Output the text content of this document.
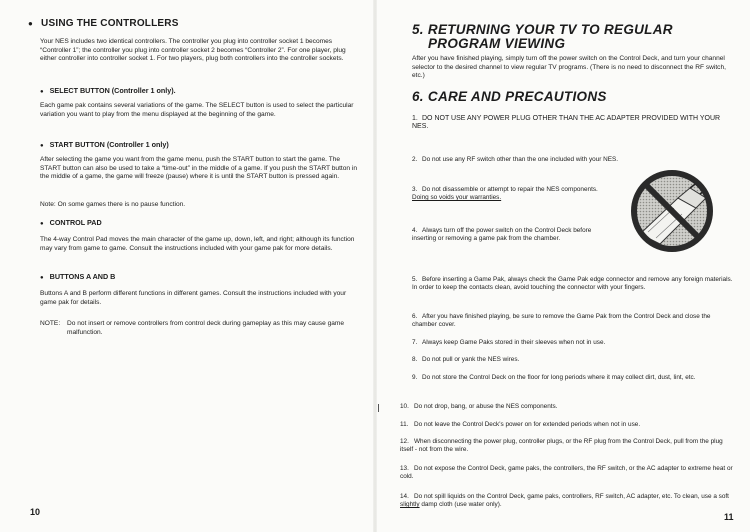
● USING THE CONTROLLERS

Your NES includes two identical controllers. The controller you plug into controller socket 1 becomes “Controller 1”; the controller you plug into controller socket 2 becomes “Controller 2”. For one player, plug either controller into controller socket 1. For two players, plug both controllers into the controller sockets.

● SELECT BUTTON (Controller 1 only).

Each game pak contains several variations of the game. The SELECT button is used to select the particular variation you want to play from the menu displayed at the beginning of the game.

● START BUTTON (Controller 1 only)

After selecting the game you want from the game menu, push the START button to start the game. The START button can also be used to take a “time-out” in the middle of a game. If you push the START button in the middle of a game, the game will freeze (pause) where it is until the START button is pressed again.

Note: On some games there is no pause function.

● CONTROL PAD

The 4-way Control Pad moves the main character of the game up, down, left, and right; although its function may vary from game to game. Consult the instructions included with your game pak for more details.

● BUTTONS A AND B

Buttons A and B perform different functions in different games. Consult the instructions included with your game pak for details.

NOTE:	Do not insert or remove controllers from control deck during gameplay as this may cause game malfunction.
10
5. RETURNING YOUR TV TO REGULAR
PROGRAM VIEWING

After you have finished playing, simply turn off the power switch on the Control Deck, and turn your channel selector to the desired channel to view regular TV programs. (There is no need to disconnect the RF switch, etc.)

6. CARE AND PRECAUTIONS
1. DO NOT USE ANY POWER PLUG OTHER THAN THE AC ADAPTER PROVIDED WITH YOUR NES.
2. Do not use any RF switch other than the one included with your NES.
3. Do not disassemble or attempt to repair the NES components. Doing so voids your warranties.
4. Always turn off the power switch on the Control Deck before inserting or removing a game pak from the chamber.
5. Before inserting a Game Pak, always check the Game Pak edge connector and remove any foreign materials. In order to keep the contacts clean, avoid touching the connector with your fingers.
6. After you have finished playing, be sure to remove the Game Pak from the Control Deck and close the chamber cover.
7. Always keep Game Paks stored in their sleeves when not in use.
8. Do not pull or yank the NES wires.
9. Do not store the Control Deck on the floor for long periods where it may collect dirt, dust, lint, etc.
10. Do not drop, bang, or abuse the NES components.
11. Do not leave the Control Deck's power on for extended periods when not in use.
12. When disconnecting the power plug, controller plugs, or the RF plug from the Control Deck, pull from the plug itself - not from the wire.
13. Do not expose the Control Deck, game paks, the controllers, the RF switch, or the AC adapter to extreme heat or cold.
14. Do not spill liquids on the Control Deck, game paks, controllers, RF switch, AC adapter, etc. To clean, use a soft slightly damp cloth (use water only).
11
